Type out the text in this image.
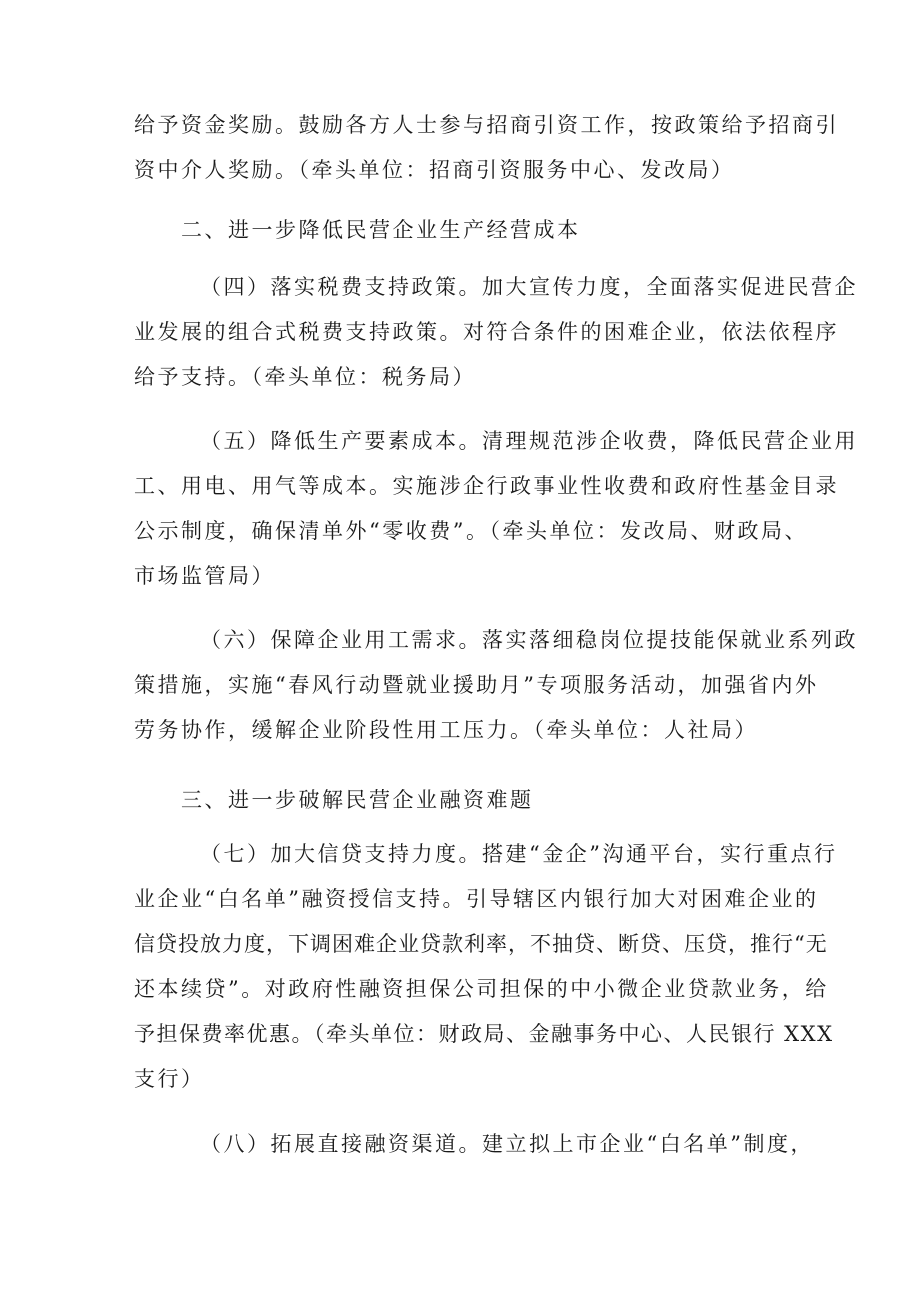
给予资金奖励。鼓励各方人士参与招商引资工作，按政策给予招商引
资中介人奖励。（牵头单位：招商引资服务中心、发改局）
二、进一步降低民营企业生产经营成本
（四）落实税费支持政策。加大宣传力度，全面落实促进民营企
业发展的组合式税费支持政策。对符合条件的困难企业，依法依程序
给予支持。（牵头单位：税务局）
（五）降低生产要素成本。清理规范涉企收费，降低民营企业用
工、用电、用气等成本。实施涉企行政事业性收费和政府性基金目录
公示制度，确保清单外“零收费”。（牵头单位：发改局、财政局、
市场监管局）
（六）保障企业用工需求。落实落细稳岗位提技能保就业系列政
策措施，实施“春风行动暨就业援助月”专项服务活动，加强省内外
劳务协作，缓解企业阶段性用工压力。（牵头单位：人社局）
三、进一步破解民营企业融资难题
（七）加大信贷支持力度。搭建“金企”沟通平台，实行重点行
业企业“白名单”融资授信支持。引导辖区内银行加大对困难企业的
信贷投放力度，下调困难企业贷款利率，不抽贷、断贷、压贷，推行“无
还本续贷”。对政府性融资担保公司担保的中小微企业贷款业务，给
予担保费率优惠。（牵头单位：财政局、金融事务中心、人民银行 XXX
支行）
（八）拓展直接融资渠道。建立拟上市企业“白名单”制度，
